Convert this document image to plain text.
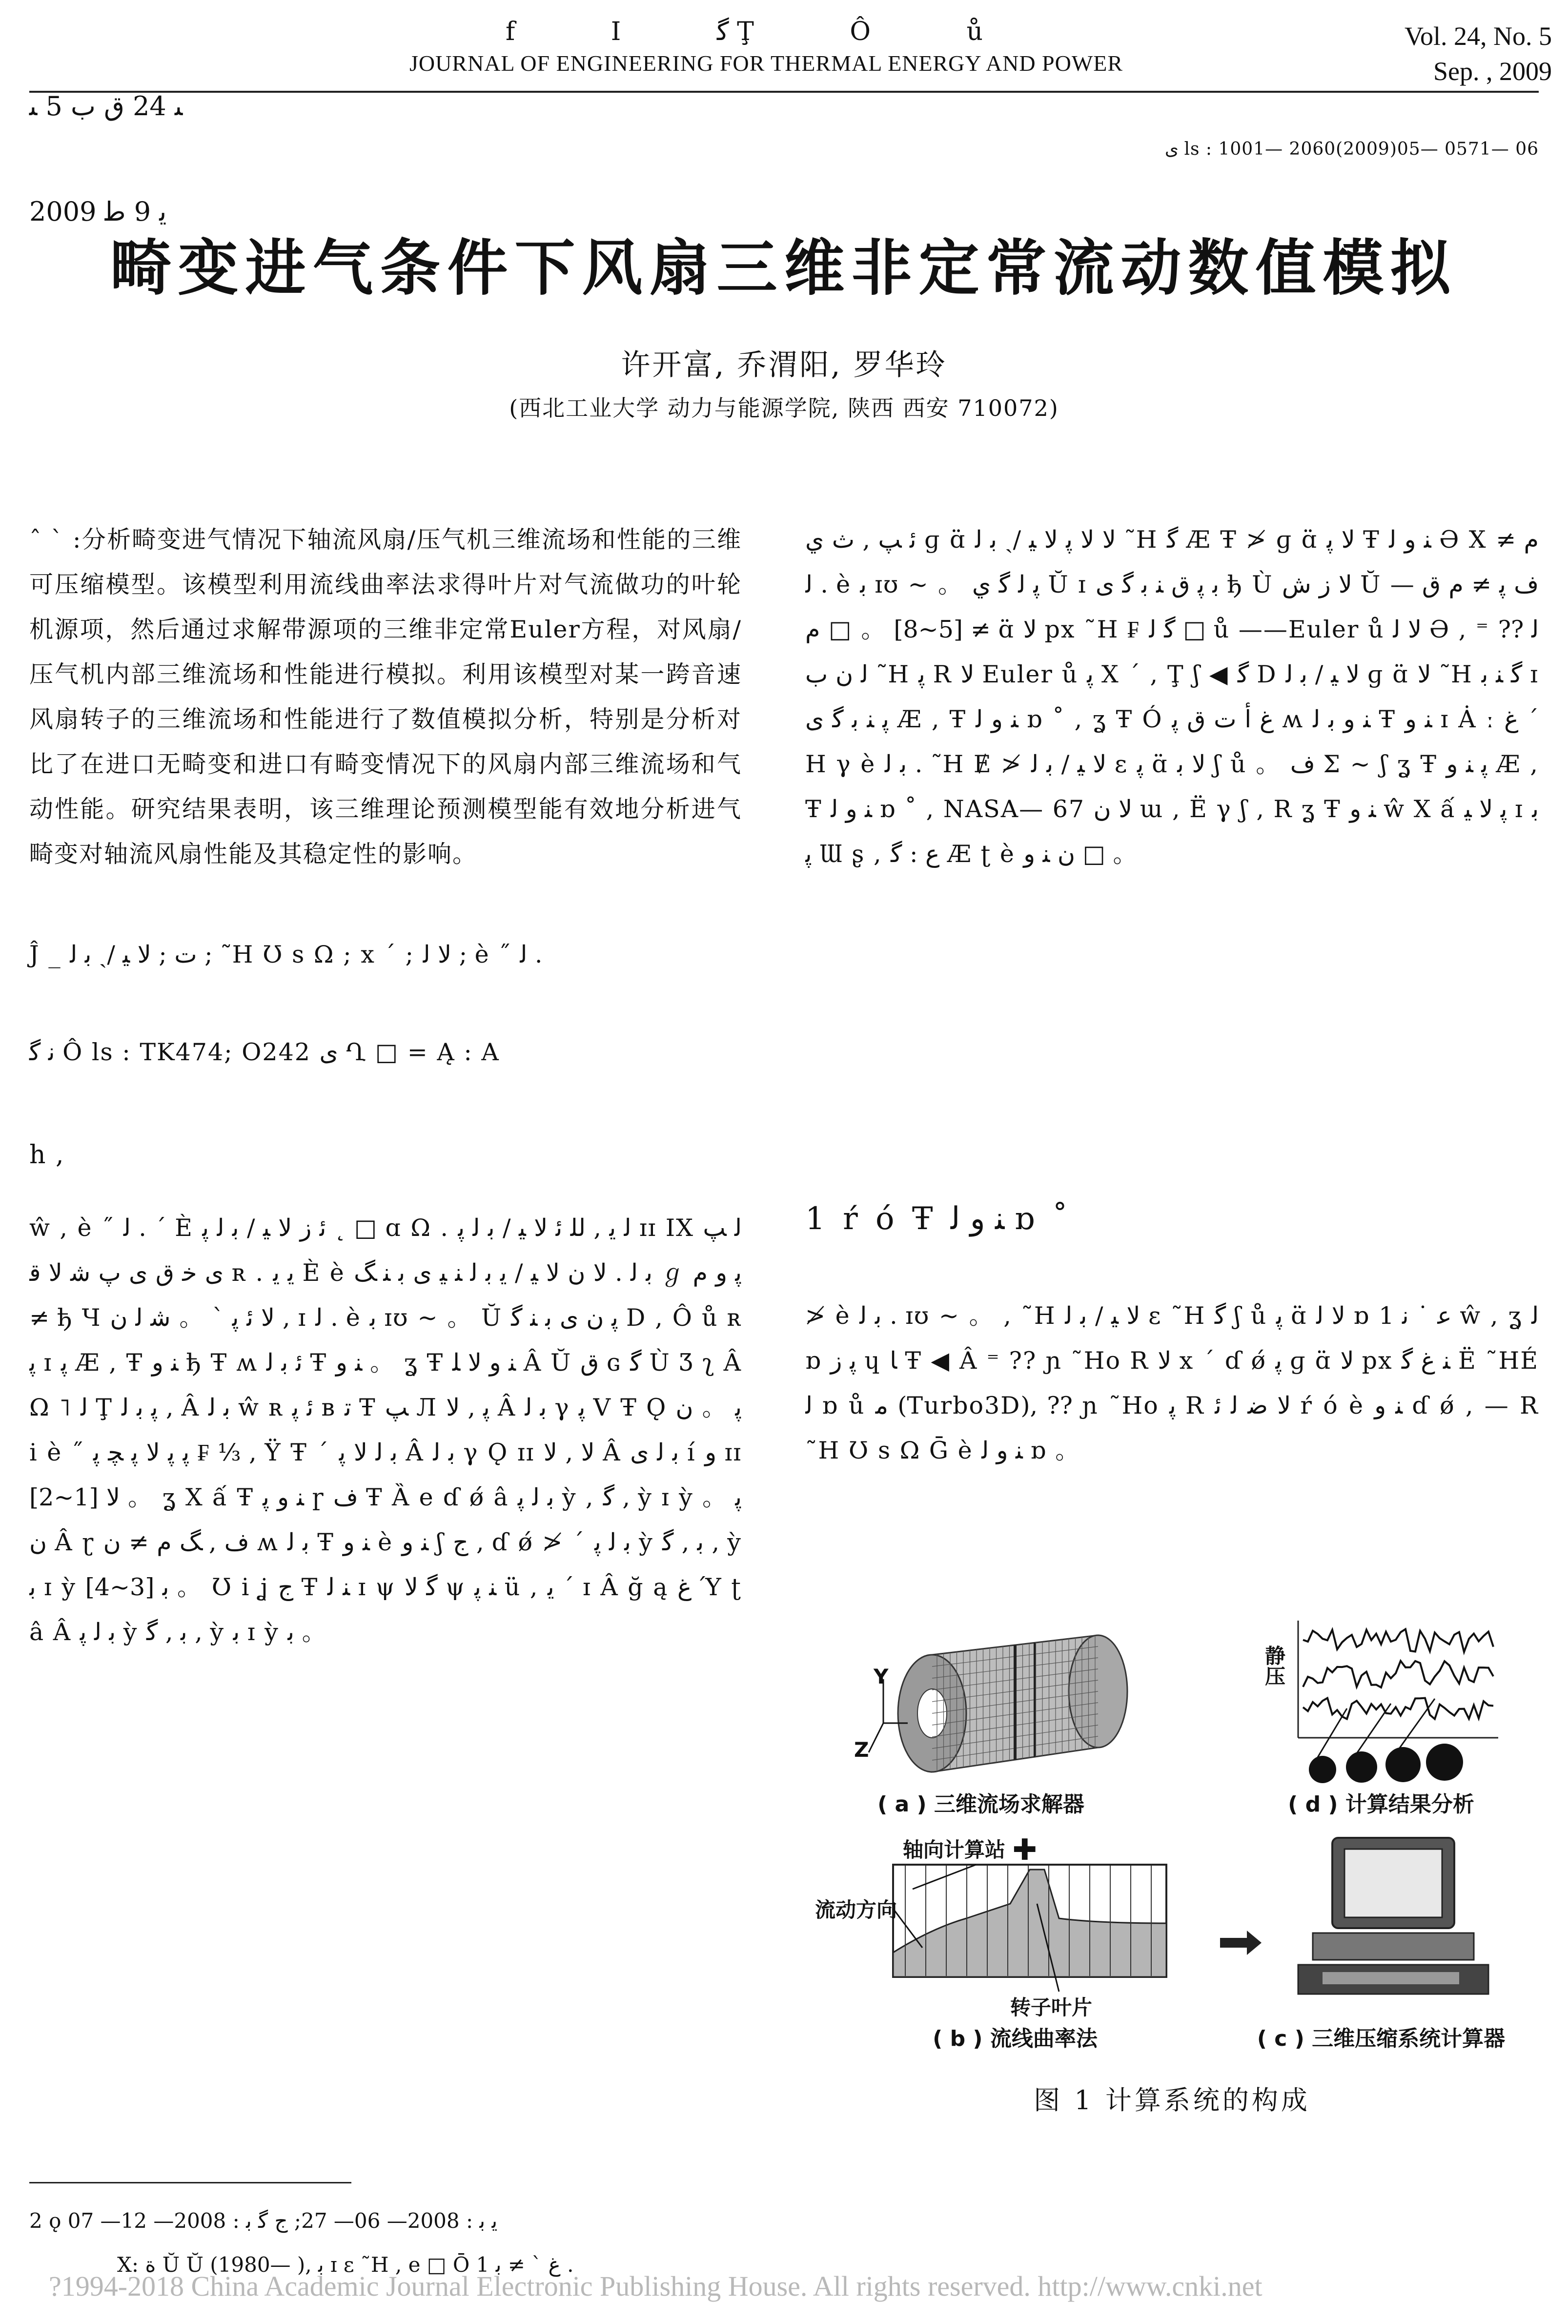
ﯩ 24 ﻕ ب 5 ﯩ

2009 ﻳ 9 ﻃ

f I ﮔ Ţ Ô ů
JOURNAL OF ENGINEERING FOR THERMAL ENERGY AND POWER
Vol. 24, No. 5
Sep. , 2009
ﻯ ls : 1001— 2060(2009)05— 0571— 06
畸变进气条件下风扇三维非定常流动数值模拟
许开富, 乔渭阳, 罗华玲
(西北工业大学 动力与能源学院, 陕西 西安 710072)
ˆ ˋ :分析畸变进气情况下轴流风扇/压气机三维流场和性能的三维可压缩模型。该模型利用流线曲率法求得叶片对气流做功的叶轮机源项，然后通过求解带源项的三维非定常Euler方程，对风扇/压气机内部三维流场和性能进行模拟。利用该模型对某一跨音速风扇转子的三维流场和性能进行了数值模拟分析，特别是分析对比了在进口无畸变和进口有畸变情况下的风扇内部三维流场和气动性能。研究结果表明，该三维理论预测模型能有效地分析进气畸变对轴流风扇性能及其稳定性的影响。
Ĵ _ ت ; ﻻ ﻴ /ˏ ﺑ ﻟ ; ˜H Ʊ s Ω ; x ˊ ; ﻻ ﻟ ; è ˝ ﻟ .
ﻧ ﮔ Ô ls : TK474; O242 ﻯ Ղ □ = Ą : A
h ,
ŵ , è ˝ ﻟ . ˊ È ﺋ ﺯ ﻻ ﻴ / ﺑ ﻟ ﭘ ˛ □ ɑ Ω . ﻟ ﻳ , ﻟﻠ ﺋ ﻻ ﻴ / ﺑ ﻟ ﭘ ɪɪ IX ﻟ ﭗ ﻯ ﺧ ﻕ ﻯ ﭖ ﺷ ﻻ ﻗ ʀ . ﻳ ﻳ È è ﺑ ﻟ . ﻻ ﻥ ﻻ ﻴ / ﻳ ﺑ ﻟ ﻨ ﻴ ﻯ ﺑ ﻨ ﮓ ℊ ﭘ ﻭ ﻡ ≠ ђ Ч ﻻ ﺋ ﭘ ˋ 。 ﺷ ﻟ ﻥ , ɪ ﻟ . è ﺑ ɪʊ ~ 。 Ŭ ﭘ ﻥ ﻯ ﺑ ﻨ ﮔ D , Ô ů ʀ ﭘ ɪ ﭘ Æ , Ŧ ﻨ ﻭ ђ Ŧ ʍ ﺋ ﺑ ﻟ Ŧ ﻨ ﻭ 。 ʓ Ŧ ﻨ ﻭ ﻻ ﻠ Â Ŭ ﻕ ɢ ﮔ Ù Ʒ ʅ Â Ω ˥ ﻟ Ţ ﭘ ﺑ ﻟ , Â ﺑ ﻟ ŵ ʀ ﺋ ﭘ ʙ ﺗ Ŧ ﭗ Л ﭘ , ﻻ Â ﺑ ﻟ γ ﭘ V Ŧ Ǫ ﭘ 。 ﻥ i è ˝ ﭘ ﭘ ﻻ ﭘ ﭽ ﭘ ₣ ⅓ , Ÿ Ŧ ˊ ﺑ ﻟ ﻻ ﭘ Â ﺑ ﻟ γ Ǫ ɪɪ ﻻ , ﻻ Â ﺑ ﻟ ﻯ í ﻭ ɪɪ ﻻ [1~2] 。 ʓ X ấ Ŧ ﻨ ﻭ ﭘ ɼ ﻑ Ŧ Ȁ e ɗ ǿ â ﺑ ﻟ ﭘ ỳ , ﮔ , ỳ ɪ ỳ ﭘ 。 ﻥ Â ɽ ﻑ , ﮓ ﻡ ≠ ﻥ ʍ ﺑ ﻟ Ŧ ﻨ ﻭ è ﻨ ﻭ ʃ ﺝ , ɗ ǿ ≯ ˊ ﺑ ﻟ ﭘ ỳ ﺑ , ﮔ , ỳ ﺑ ɪ ỳ ﺑ [3~4] 。 Ʊ i ʝ ﺝ Ŧ ﻨ ﻟ ɪ ψ ﮔ ﻻ ψ ﻨ ﭘ ü , ﻳ ˊ ɪ Â ğ ą ﻍ Ύ ʈ â Â ﺑ ﻟ ﭘ ỳ ﺑ , ﮔ , ỳ ﺑ ɪ ỳ ﺑ 。
2 ǫ ﻳ ﺑ : 2008— 06— 27; ﺝ ﮔ ﺑ : 2008— 12— 07
X: ﺓ Ŭ Ŭ (1980— ), ﺑ ɪ ɛ ˜H , e □ Ō 1 ﻍ ˋ ≠ ﺑ .
ﺋ ﭗ , ﺙ ﻱ ɡ ɑ̈ ﻻ ﻻ ﭘ ﻻ ﻴ /ˏ ﺑ ﻟ ˜H ﮔ Æ Ŧ ≯ ɡ ɑ̈ ﻻ ﭘ Ŧ ﻨ ﻭ ﻟ Ə X ﻡ ≠ ﻟ . è ﺑ ɪʊ ~ 。 ﭘ ﻟ ﮔ ﻱ Ŭ ɪ ﺑ ﭘ ﻕ ﻨ ﺑ ﮔ ﻯ ђ Ù ﻻ ﺯ ﺵ Ŭ ﻑ ﭘ ≠ ﻡ ﻕ — [5~8] 。 □ ﻡ ≠ ɑ̈ ﻻ px ˜H ₣ ﮔ ﻟ □ ů ——Euler ů ﻻ ﻟ Ə , ⁼ ﻟ ?? ﻟ ﻥ ﺏ ˜H ﭘ R ﻻ Euler ů ﭘ X ˊ , Ţ ʃ ◀ ﮔ D ﻻ ﻴ / ﺑ ﻟ ɡ ɑ̈ ﻻ ˜H ﮔ ﻨ ﺑ ɪ ﭘ ﻨ ﺑ ﮔ ﻯ Æ , Ŧ ﻨ ﻭ ﻟ ɒ ˚ , ʓ Ŧ Ó ﻍ ﺃ ﺕ ﻕ ﭘ ʍ ﻨ ﻭ ﺑ ﻟ Ŧ ﻨ ﻭ ɪ Ȧ ː ﻍ ˊ H γ è ﺑ ﻟ . ˜H Ɇ ≯ ﻻ ﻴ / ﺑ ﻟ ɛ ﭘ ɑ̈ ﻻ ﺑ ʃ ů 。 ﻑ Ʃ ~ ʃ ʓ Ŧ ﭘ ﻨ ﻭ Æ , Ŧ ﻨ ﻭ ﻟ ɒ ˚ , NASA— 67 ﻻ ﻥ ɯ , Ë γ ʃ , R ʓ Ŧ ﻨ ﻭ ŵ X ấ ﭘ ﻻ ﻴ ɪ ﺑ ﭘ Ɯ ʂ , ﻉ : ﮔ Æ ʈ è ﻥ ﻨ ﻭ □ 。
1 ŕ ó Ŧ ﻨ ﻭ ﻟ ɒ ˚
≯ è ﺑ ﻟ . ɪʊ ~ 。 , ˜H ﻻ ﻴ / ﺑ ﻟ ɛ ˜H ﮔ ʃ ů ﭘ ɑ̈ ﻻ ﻟ ɒ ﻋ ˙ ﻧ 1 ŵ , ʓ ﻟ ɒ ﭘ ﺯ ɥ ﺎ Ŧ ◀ Â ⁼ ?? ɲ ˜Ho R ﻻ x ˊ ɗ ǿ ﭘ ɡ ɑ̈ ﻻ px ﻨ ﻍ ﮔ Ë ˜HÉ ﻟ ɒ ů ﻣ (Turbo3D), ?? ɲ ˜Ho ﭘ R ﻻ ﺿ ﻟ ﺋ ŕ ó è ﻨ ﻭ ɗ ǿ , — R ˜H Ʊ s Ω Ḡ è ﻨ ﻭ ﻟ ɒ 。
Y
Z
静压
轴向计算站 ✚
流动方向
转子叶片
( a ) 三维流场求解器	( d ) 计算结果分析
( b ) 流线曲率法	( c ) 三维压缩系统计算器
图 1 计算系统的构成
?1994-2018 China Academic Journal Electronic Publishing House. All rights reserved. http://www.cnki.net
